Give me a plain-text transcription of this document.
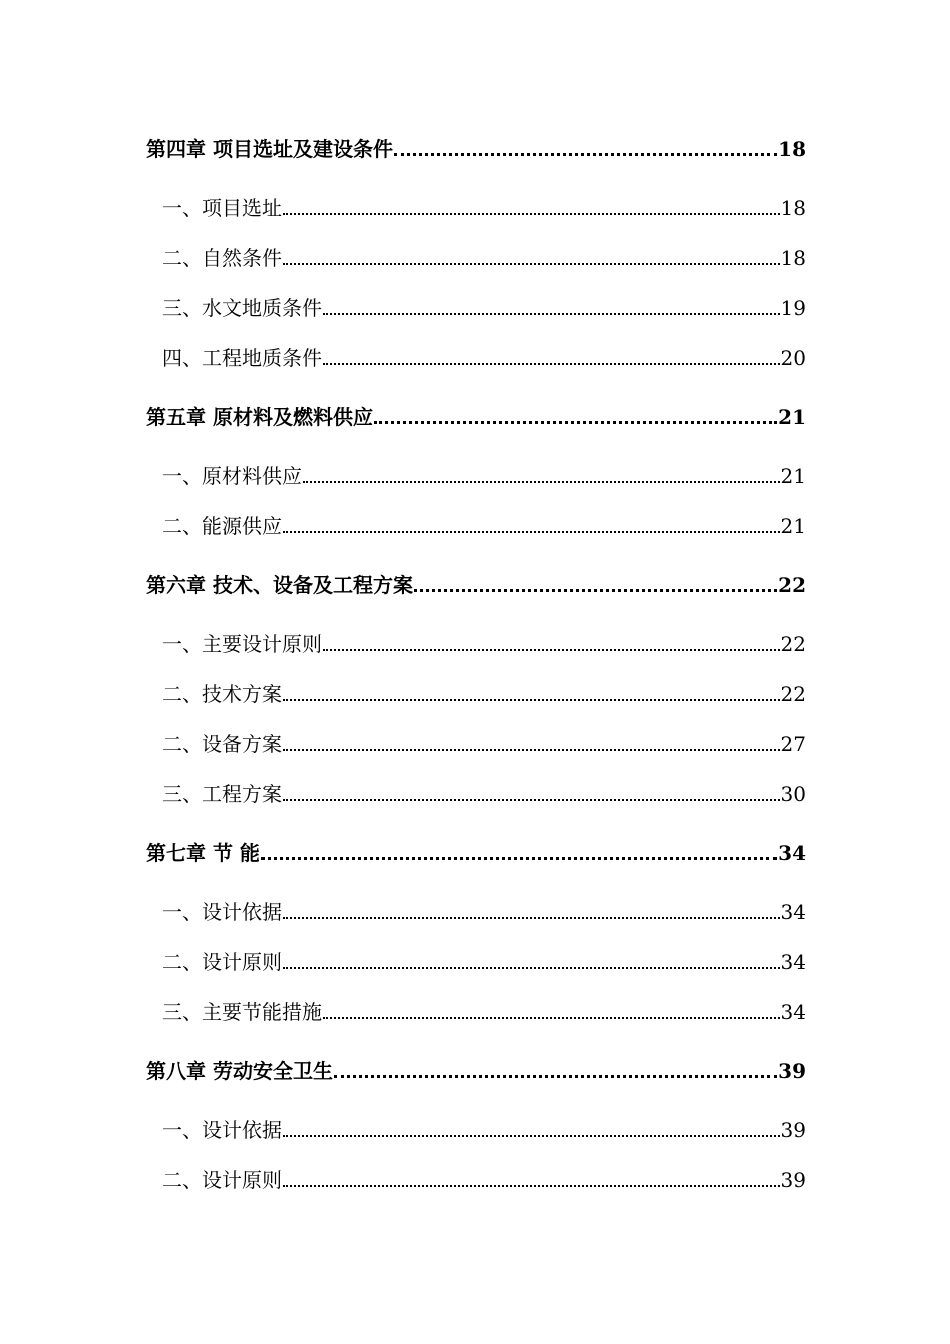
第四章 项目选址及建设条件	18
一、项目选址	18
二、自然条件	18
三、水文地质条件	19
四、工程地质条件	20
第五章 原材料及燃料供应	21
一、原材料供应	21
二、能源供应	21
第六章 技术、设备及工程方案	22
一、主要设计原则	22
二、技术方案	22
二、设备方案	27
三、工程方案	30
第七章 节 能	34
一、设计依据	34
二、设计原则	34
三、主要节能措施	34
第八章 劳动安全卫生	39
一、设计依据	39
二、设计原则	39
